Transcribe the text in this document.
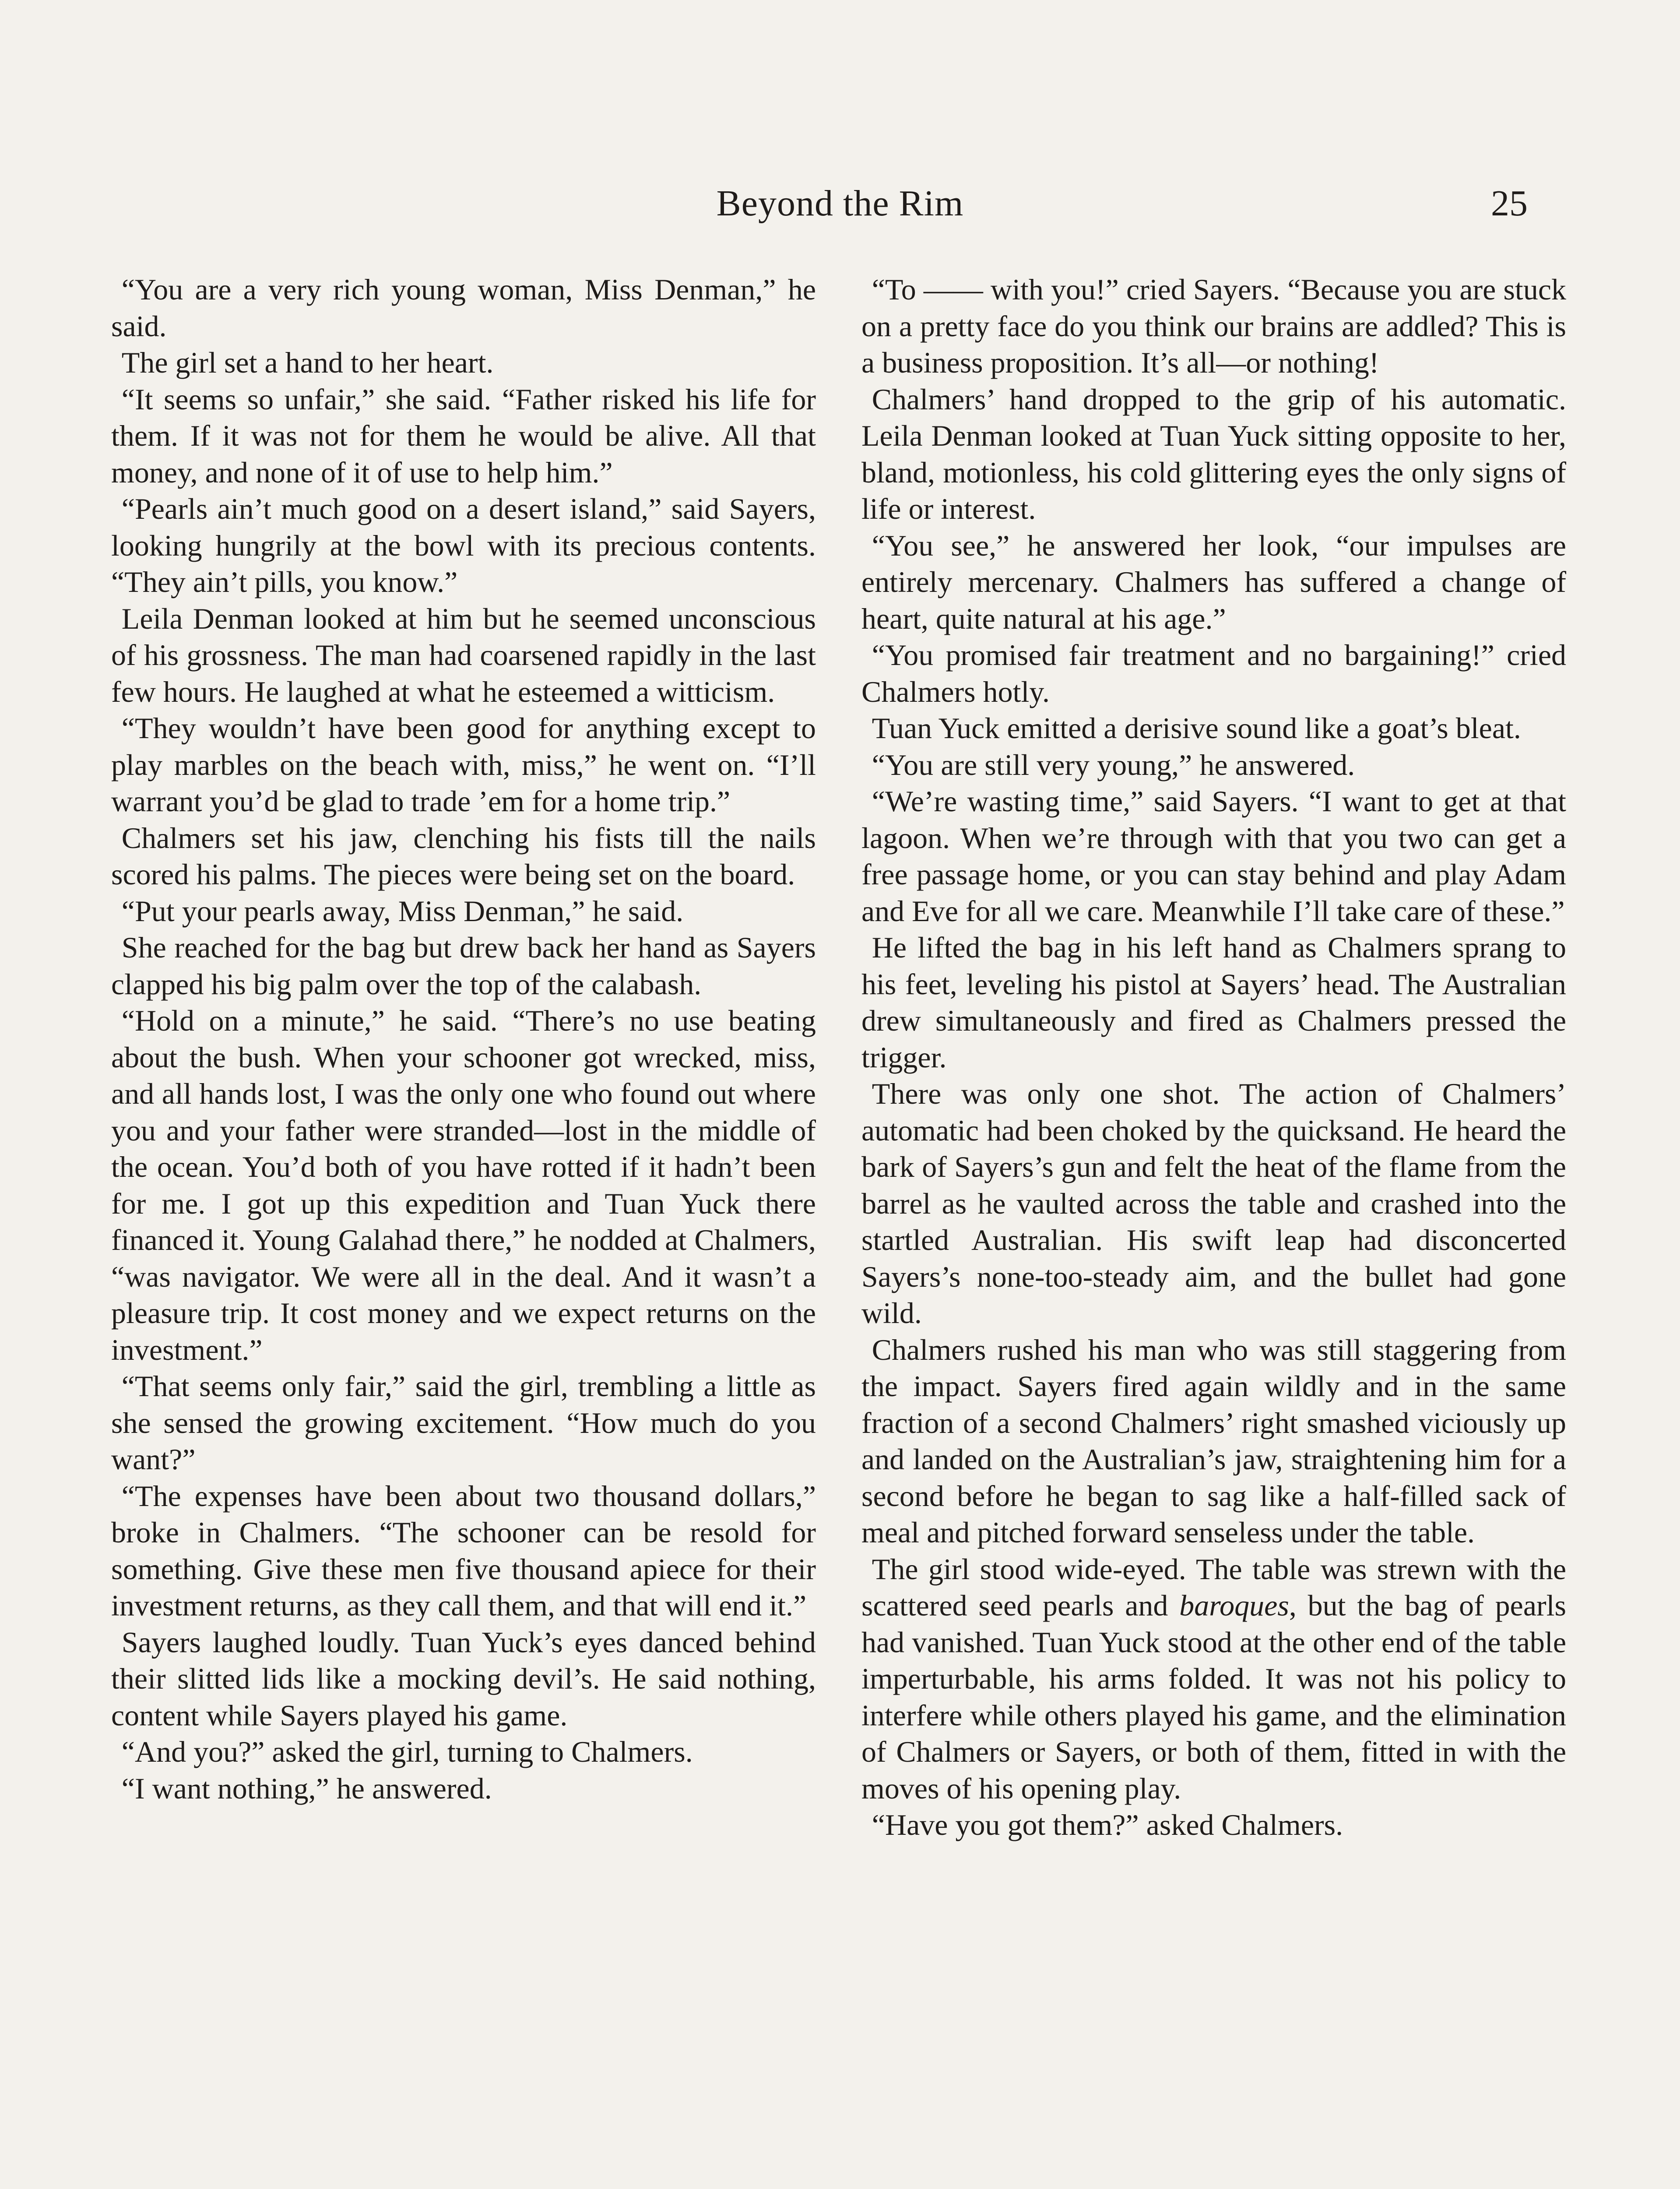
Beyond the Rim	25

“You are a very rich young woman, Miss Denman,” he said.

The girl set a hand to her heart.

“It seems so unfair,” she said. “Father risked his life for them. If it was not for them he would be alive. All that money, and none of it of use to help him.”

“Pearls ain’t much good on a desert island,” said Sayers, looking hungrily at the bowl with its precious contents. “They ain’t pills, you know.”

Leila Denman looked at him but he seemed unconscious of his grossness. The man had coarsened rapidly in the last few hours. He laughed at what he esteemed a witticism.

“They wouldn’t have been good for anything except to play marbles on the beach with, miss,” he went on. “I’ll warrant you’d be glad to trade ’em for a home trip.”

Chalmers set his jaw, clenching his fists till the nails scored his palms. The pieces were being set on the board.

“Put your pearls away, Miss Denman,” he said.

She reached for the bag but drew back her hand as Sayers clapped his big palm over the top of the calabash.

“Hold on a minute,” he said. “There’s no use beating about the bush. When your schooner got wrecked, miss, and all hands lost, I was the only one who found out where you and your father were stranded—lost in the middle of the ocean. You’d both of you have rotted if it hadn’t been for me. I got up this expedition and Tuan Yuck there financed it. Young Galahad there,” he nodded at Chalmers, “was navigator. We were all in the deal. And it wasn’t a pleasure trip. It cost money and we expect returns on the investment.”

“That seems only fair,” said the girl, trembling a little as she sensed the growing excitement. “How much do you want?”

“The expenses have been about two thousand dollars,” broke in Chalmers. “The schooner can be resold for something. Give these men five thousand apiece for their investment returns, as they call them, and that will end it.”

Sayers laughed loudly. Tuan Yuck’s eyes danced behind their slitted lids like a mocking devil’s. He said nothing, content while Sayers played his game.

“And you?” asked the girl, turning to Chalmers.

“I want nothing,” he answered.

“To —— with you!” cried Sayers. “Because you are stuck on a pretty face do you think our brains are addled? This is a business proposition. It’s all—or nothing!

Chalmers’ hand dropped to the grip of his automatic. Leila Denman looked at Tuan Yuck sitting opposite to her, bland, motionless, his cold glittering eyes the only signs of life or interest.

“You see,” he answered her look, “our impulses are entirely mercenary. Chalmers has suffered a change of heart, quite natural at his age.”

“You promised fair treatment and no bargaining!” cried Chalmers hotly.

Tuan Yuck emitted a derisive sound like a goat’s bleat.

“You are still very young,” he answered.

“We’re wasting time,” said Sayers. “I want to get at that lagoon. When we’re through with that you two can get a free passage home, or you can stay behind and play Adam and Eve for all we care. Meanwhile I’ll take care of these.”

He lifted the bag in his left hand as Chalmers sprang to his feet, leveling his pistol at Sayers’ head. The Australian drew simultaneously and fired as Chalmers pressed the trigger.

There was only one shot. The action of Chalmers’ automatic had been choked by the quicksand. He heard the bark of Sayers’s gun and felt the heat of the flame from the barrel as he vaulted across the table and crashed into the startled Australian. His swift leap had disconcerted Sayers’s none-too-steady aim, and the bullet had gone wild.

Chalmers rushed his man who was still staggering from the impact. Sayers fired again wildly and in the same fraction of a second Chalmers’ right smashed viciously up and landed on the Australian’s jaw, straightening him for a second before he began to sag like a half-filled sack of meal and pitched forward senseless under the table.

The girl stood wide-eyed. The table was strewn with the scattered seed pearls and baroques, but the bag of pearls had vanished. Tuan Yuck stood at the other end of the table imperturbable, his arms folded. It was not his policy to interfere while others played his game, and the elimination of Chalmers or Sayers, or both of them, fitted in with the moves of his opening play.

“Have you got them?” asked Chalmers.
